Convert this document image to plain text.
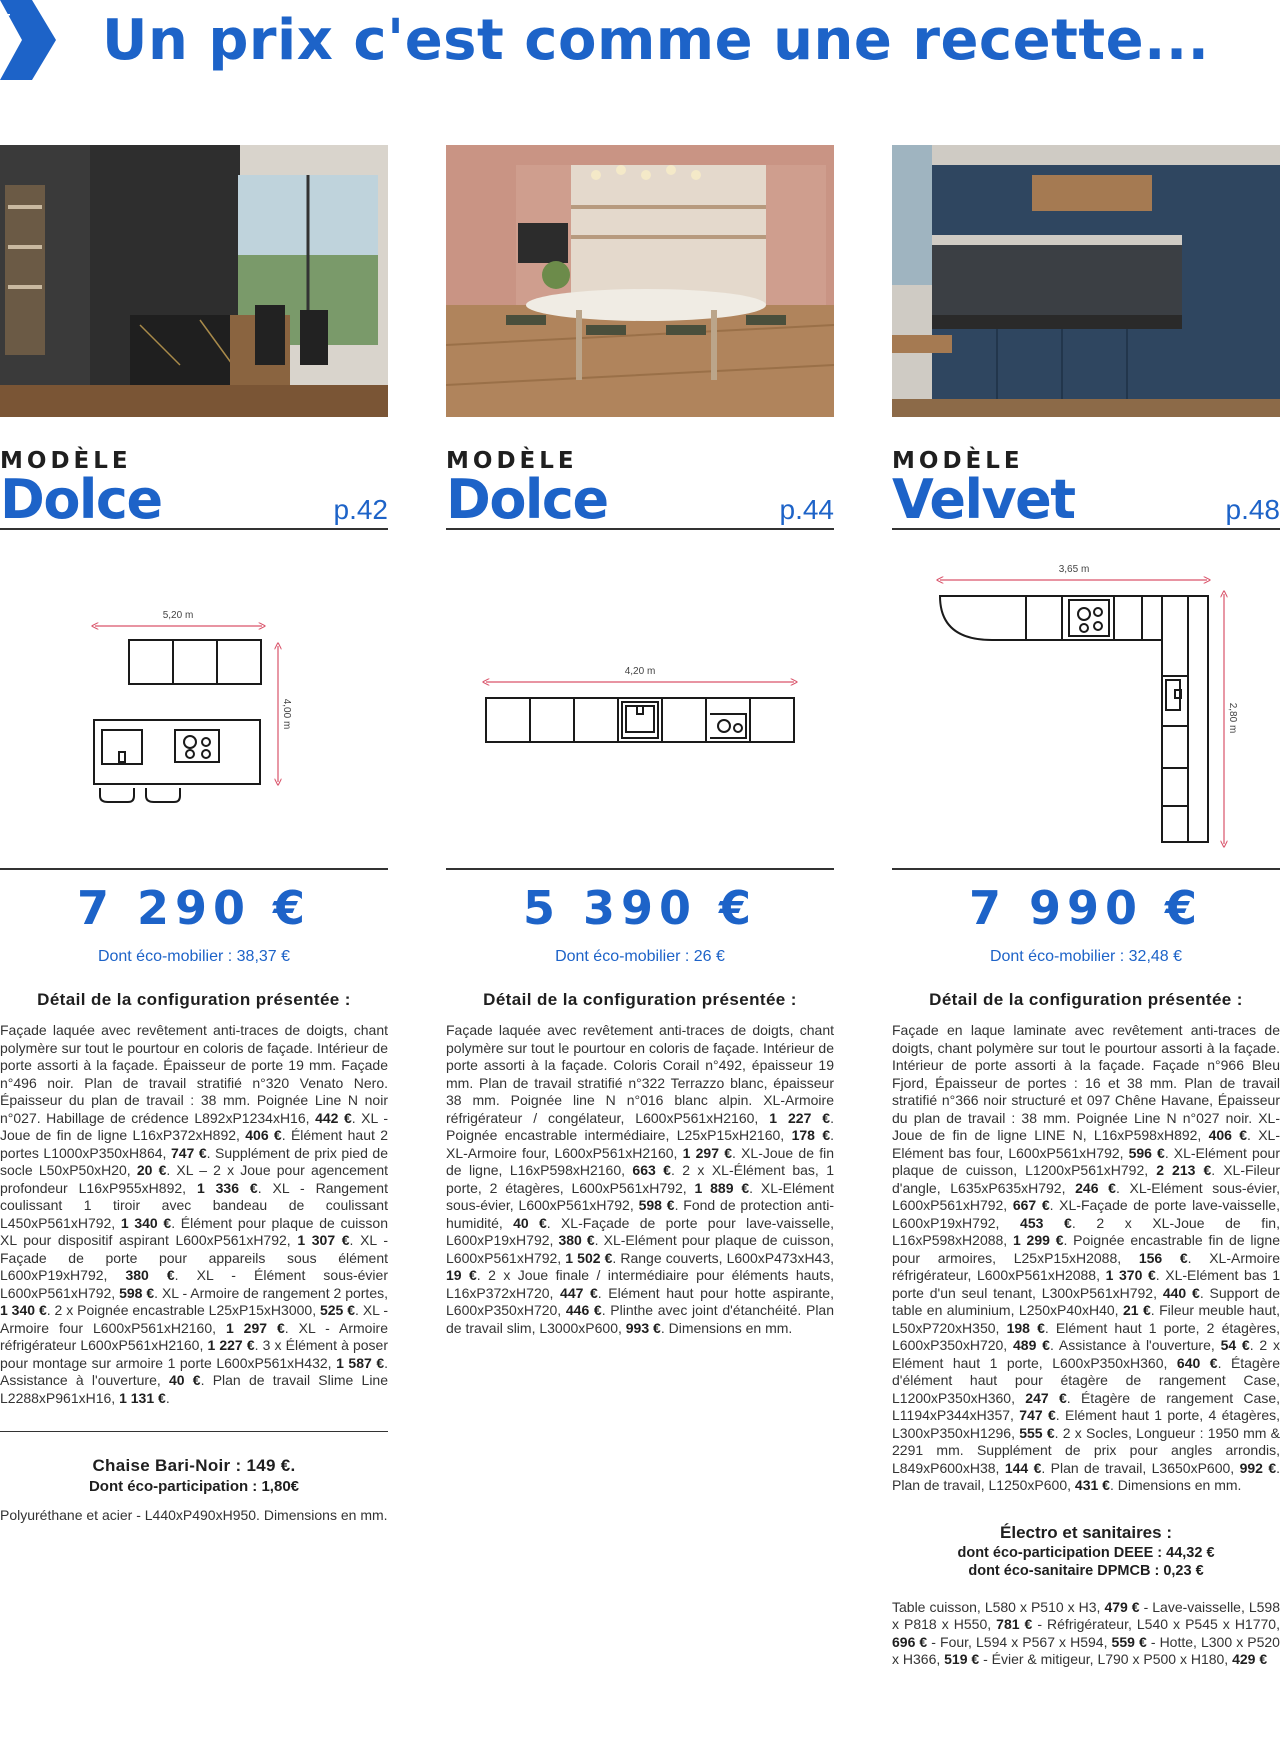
Un prix c'est comme une recette...
MODÈLE
Dolce	p.42
5,20 m
4,00 m
7 290 €
Dont éco-mobilier : 38,37 €
Détail de la configuration présentée :
Façade laquée avec revêtement anti-traces de doigts, chant polymère sur tout le pourtour en coloris de façade. Intérieur de porte assorti à la façade. Épaisseur de porte 19 mm. Façade n°496 noir. Plan de travail stratifié n°320 Venato Nero. Épaisseur du plan de travail : 38 mm. Poignée Line N noir n°027. Habillage de crédence L892xP1234xH16, 442 €. XL - Joue de fin de ligne L16xP372xH892, 406 €. Élément haut 2 portes L1000xP350xH864, 747 €. Supplément de prix pied de socle L50xP50xH20, 20 €. XL – 2 x Joue pour agencement profondeur L16xP955xH892, 1 336 €. XL - Rangement coulissant 1 tiroir avec bandeau de coulissant L450xP561xH792, 1 340 €. Élément pour plaque de cuisson XL pour dispositif aspirant L600xP561xH792, 1 307 €. XL - Façade de porte pour appareils sous élément L600xP19xH792, 380 €. XL - Élément sous-évier L600xP561xH792, 598 €. XL - Armoire de rangement 2 portes, 1 340 €. 2 x Poignée encastrable L25xP15xH3000, 525 €. XL - Armoire four L600xP561xH2160, 1 297 €. XL - Armoire réfrigérateur L600xP561xH2160, 1 227 €. 3 x Élément à poser pour montage sur armoire 1 porte L600xP561xH432, 1 587 €. Assistance à l'ouverture, 40 €. Plan de travail Slime Line L2288xP961xH16, 1 131 €.
Chaise Bari-Noir : 149 €.
Dont éco-participation : 1,80€
Polyuréthane et acier - L440xP490xH950. Dimensions en mm.
MODÈLE
Dolce	p.44
4,20 m
5 390 €
Dont éco-mobilier : 26 €
Détail de la configuration présentée :
Façade laquée avec revêtement anti-traces de doigts, chant polymère sur tout le pourtour en coloris de façade. Intérieur de porte assorti à la façade. Coloris Corail n°492, épaisseur 19 mm. Plan de travail stratifié n°322 Terrazzo blanc, épaisseur 38 mm. Poignée line N n°016 blanc alpin. XL-Armoire réfrigérateur / congélateur, L600xP561xH2160, 1 227 €. Poignée encastrable intermédiaire, L25xP15xH2160, 178 €. XL-Armoire four, L600xP561xH2160, 1 297 €. XL-Joue de fin de ligne, L16xP598xH2160, 663 €. 2 x XL-Élément bas, 1 porte, 2 étagères, L600xP561xH792, 1 889 €. XL-Elément sous-évier, L600xP561xH792, 598 €. Fond de protection anti-humidité, 40 €. XL-Façade de porte pour lave-vaisselle, L600xP19xH792, 380 €. XL-Elément pour plaque de cuisson, L600xP561xH792, 1 502 €. Range couverts, L600xP473xH43, 19 €. 2 x Joue finale / intermédiaire pour éléments hauts, L16xP372xH720, 447 €. Elément haut pour hotte aspirante, L600xP350xH720, 446 €. Plinthe avec joint d'étanchéité. Plan de travail slim, L3000xP600, 993 €. Dimensions en mm.
MODÈLE
Velvet	p.48
3,65 m
2,80 m
7 990 €
Dont éco-mobilier : 32,48 €
Détail de la configuration présentée :
Façade en laque laminate avec revêtement anti-traces de doigts, chant polymère sur tout le pourtour assorti à la façade. Intérieur de porte assorti à la façade. Façade n°966 Bleu Fjord, Épaisseur de portes : 16 et 38 mm. Plan de travail stratifié n°366 noir structuré et 097 Chêne Havane, Épaisseur du plan de travail : 38 mm. Poignée Line N n°027 noir. XL-Joue de fin de ligne LINE N, L16xP598xH892, 406 €. XL-Elément bas four, L600xP561xH792, 596 €. XL-Elément pour plaque de cuisson, L1200xP561xH792, 2 213 €. XL-Fileur d'angle, L635xP635xH792, 246 €. XL-Elément sous-évier, L600xP561xH792, 667 €. XL-Façade de porte lave-vaisselle, L600xP19xH792, 453 €. 2 x XL-Joue de fin, L16xP598xH2088, 1 299 €. Poignée encastrable fin de ligne pour armoires, L25xP15xH2088, 156 €. XL-Armoire réfrigérateur, L600xP561xH2088, 1 370 €. XL-Elément bas 1 porte d'un seul tenant, L300xP561xH792, 440 €. Support de table en aluminium, L250xP40xH40, 21 €. Fileur meuble haut, L50xP720xH350, 198 €. Elément haut 1 porte, 2 étagères, L600xP350xH720, 489 €. Assistance à l'ouverture, 54 €. 2 x Elément haut 1 porte, L600xP350xH360, 640 €. Étagère d'élément haut pour étagère de rangement Case, L1200xP350xH360, 247 €. Étagère de rangement Case, L1194xP344xH357, 747 €. Elément haut 1 porte, 4 étagères, L300xP350xH1296, 555 €. 2 x Socles, Longueur : 1950 mm & 2291 mm. Supplément de prix pour angles arrondis, L849xP600xH38, 144 €. Plan de travail, L3650xP600, 992 €. Plan de travail, L1250xP600, 431 €. Dimensions en mm.
Électro et sanitaires :
dont éco-participation DEEE : 44,32 €
dont éco-sanitaire DPMCB : 0,23 €
Table cuisson, L580 x P510 x H3, 479 € - Lave-vaisselle, L598 x P818 x H550, 781 € - Réfrigérateur, L540 x P545 x H1770, 696 € - Four, L594 x P567 x H594, 559 € - Hotte, L300 x P520 x H366, 519 € - Évier & mitigeur, L790 x P500 x H180, 429 €
